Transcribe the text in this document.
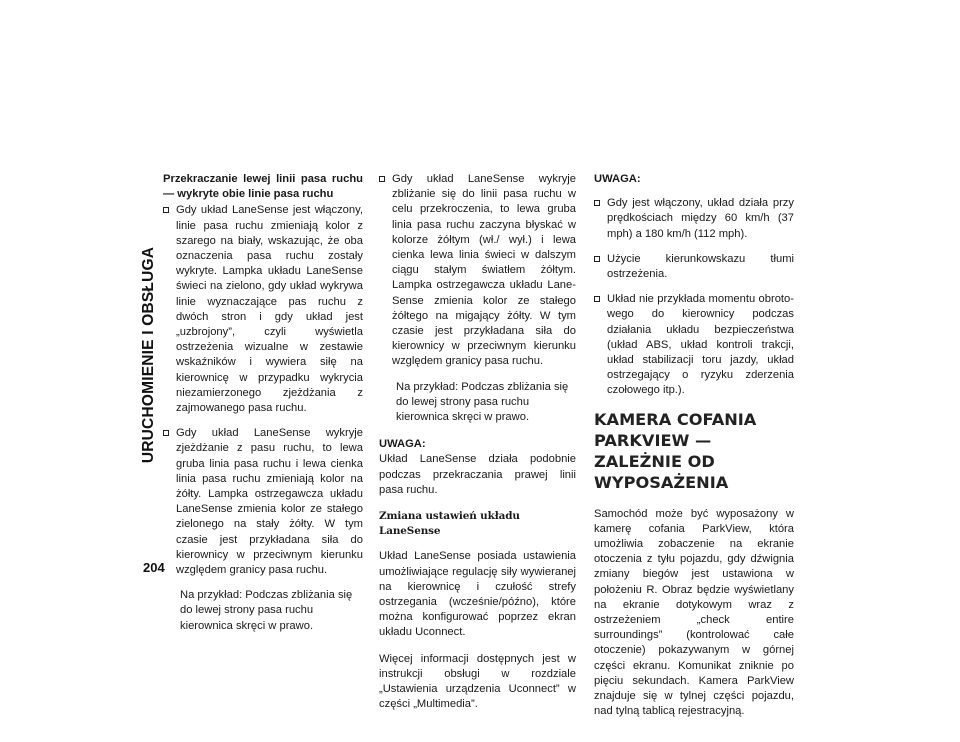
URUCHOMIENIE I OBSŁUGA
204

Przekraczanie lewej linii pasa ruchu — wykryte obie linie pasa ruchu

Gdy układ LaneSense jest włączony, linie pasa ruchu zmieniają kolor z szarego na biały, wskazując, że oba oznaczenia pasa ruchu zostały wykryte. Lampka układu LaneSense świeci na zielono, gdy układ wykrywa linie wyznaczające pas ruchu z dwóch stron i gdy układ jest „uzbrojony”, czyli wyświetla ostrzeżenia wizualne w zestawie wskaźników i wywiera siłę na kierownicę w przypadku wykrycia niezamierzonego zjeżdżania z zajmowanego pasa ruchu.
Gdy układ LaneSense wykryje zjeżdżanie z pasu ruchu, to lewa gruba linia pasa ruchu i lewa cienka linia pasa ruchu zmieniają kolor na żółty. Lampka ostrzegawcza układu LaneSense zmienia kolor ze stałego zielonego na stały żółty. W tym czasie jest przykładana siła do kierownicy w przeciwnym kierunku względem granicy pasa ruchu.

Na przykład: Podczas zbliżania się do lewej strony pasa ruchu kierownica skręci w prawo.

Gdy układ LaneSense wykryje zbliżanie się do linii pasa ruchu w celu przekroczenia, to lewa gruba linia pasa ruchu zaczyna błyskać w kolorze żółtym (wł./ wył.) i lewa cienka lewa linia świeci w dalszym ciągu stałym światłem żółtym. Lampka ostrzegawcza układu LaneSense zmienia kolor ze stałego żółtego na migający żółty. W tym czasie jest przykładana siła do kierownicy w przeciwnym kierunku względem granicy pasa ruchu.

Na przykład: Podczas zbliżania się do lewej strony pasa ruchu kierownica skręci w prawo.

UWAGA:

Układ LaneSense działa podobnie podczas przekraczania prawej linii pasa ruchu.

Zmiana ustawień układu LaneSense

Układ LaneSense posiada ustawienia umożliwiające regulację siły wywieranej na kierownicę i czułość strefy ostrzegania (wcześnie/późno), które można konfigurować poprzez ekran układu Uconnect.

Więcej informacji dostępnych jest w instrukcji obsługi w rozdziale „Ustawienia urządzenia Uconnect” w części „Multimedia”.

UWAGA:

Gdy jest włączony, układ działa przy prędkościach między 60 km/h (37 mph) a 180 km/h (112 mph).
Użycie kierunkowskazu tłumi ostrzeżenia.
Układ nie przykłada momentu obrotowego do kierownicy podczas działania układu bezpieczeństwa (układ ABS, układ kontroli trakcji, układ stabilizacji toru jazdy, układ ostrzegający o ryzyku zderzenia czołowego itp.).
KAMERA COFANIA PARKVIEW — ZALEŻNIE OD WYPOSAŻENIA

Samochód może być wyposażony w kamerę cofania ParkView, która umożliwia zobaczenie na ekranie otoczenia z tyłu pojazdu, gdy dźwignia zmiany biegów jest ustawiona w położeniu R. Obraz będzie wyświetlany na ekranie dotykowym wraz z ostrzeżeniem „check entire surroundings” (kontrolować całe otoczenie) pokazywanym w górnej części ekranu. Komunikat zniknie po pięciu sekundach. Kamera ParkView znajduje się w tylnej części pojazdu, nad tylną tablicą rejestracyjną.
